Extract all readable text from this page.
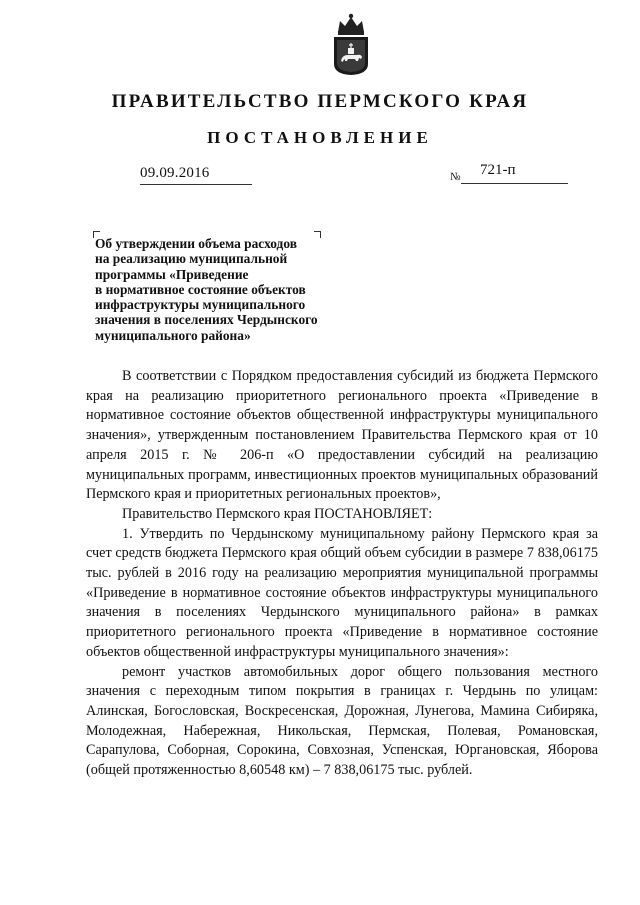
ПРАВИТЕЛЬСТВО ПЕРМСКОГО КРАЯ
ПОСТАНОВЛЕНИЕ
09.09.2016	№ 721-п
Об утверждении объема расходов
на реализацию муниципальной
программы «Приведение
в нормативное состояние объектов
инфраструктуры муниципального
значения в поселениях Чердынского
муниципального района»

В соответствии с Порядком предоставления субсидий из бюджета Пермского края на реализацию приоритетного регионального проекта «Приведение в нормативное состояние объектов общественной инфраструктуры муниципального значения», утвержденным постановлением Правительства Пермского края от 10 апреля 2015 г. № 206-п «О предоставлении субсидий на реализацию муниципальных программ, инвестиционных проектов муниципальных образований Пермского края и приоритетных региональных проектов»,

Правительство Пермского края ПОСТАНОВЛЯЕТ:

1. Утвердить по Чердынскому муниципальному району Пермского края за счет средств бюджета Пермского края общий объем субсидии в размере 7 838,06175 тыс. рублей в 2016 году на реализацию мероприятия муниципальной программы «Приведение в нормативное состояние объектов инфраструктуры муниципального значения в поселениях Чердынского муниципального района» в рамках приоритетного регионального проекта «Приведение в нормативное состояние объектов общественной инфраструктуры муниципального значения»:

ремонт участков автомобильных дорог общего пользования местного значения с переходным типом покрытия в границах г. Чердынь по улицам: Алинская, Богословская, Воскресенская, Дорожная, Лунегова, Мамина Сибиряка, Молодежная, Набережная, Никольская, Пермская, Полевая, Романовская, Сарапулова, Соборная, Сорокина, Совхозная, Успенская, Юргановская, Яборова (общей протяженностью 8,60548 км) – 7 838,06175 тыс. рублей.
